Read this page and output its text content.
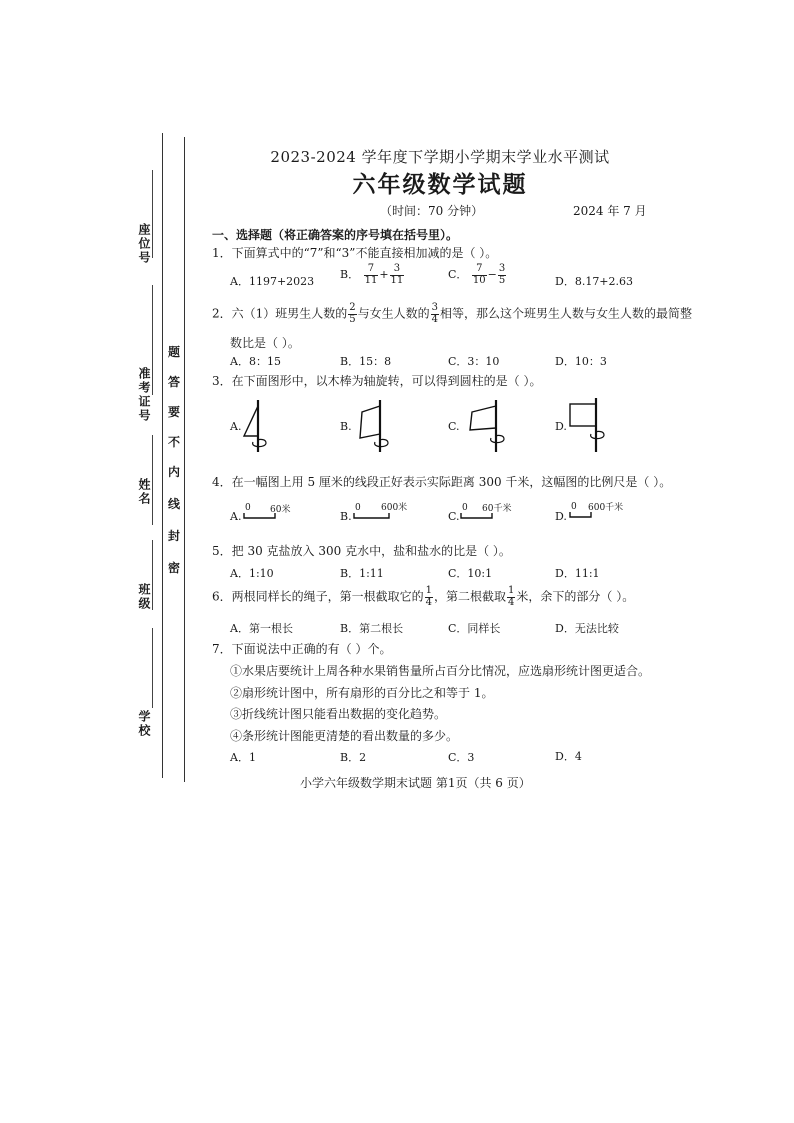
座位号
准考证号
姓名
班级
学校
题
答
要
不
内
线
封
密
2023-2024 学年度下学期小学期末学业水平测试
六年级数学试题
（时间：70 分钟）	2024 年 7 月
一、选择题（将正确答案的序号填在括号里）。
1．下面算式中的“7”和“3”不能直接相加减的是（ ）。
A．1197+2023
B． $\frac{7}{11} + \frac{3}{11}$	C． $\frac{7}{10} - \frac{3}{5}$	D．8.17+2.63
2．六（1）班男生人数的 $\frac{2}{5}$ 与女生人数的 $\frac{3}{4}$ 相等，那么这个班男生人数与女生人数的最简整
数比是（ ）。
A．8：15	B．15：8	C．3：10	D．10：3
3．在下面图形中，以木棒为轴旋转，可以得到圆柱的是（ ）。
A.	B.	C.	D.
4．在一幅图上用 5 厘米的线段正好表示实际距离 300 千米，这幅图的比例尺是（ ）。
A.
0 60米	B.
0 600米
C.
0 60千米
D.
0 600千米
5．把 30 克盐放入 300 克水中，盐和盐水的比是（ ）。
A．1:10	B．1:11	C．10:1	D．11:1
6．两根同样长的绳子，第一根截取它的 $\frac{1}{4}$ ，第二根截取 $\frac{1}{4}$ 米，余下的部分（ ）。
A．第一根长	B．第二根长	C．同样长	D．无法比较
7．下面说法中正确的有（ ）个。
①水果店要统计上周各种水果销售量所占百分比情况，应选扇形统计图更适合。
②扇形统计图中，所有扇形的百分比之和等于 1。
③折线统计图只能看出数据的变化趋势。
④条形统计图能更清楚的看出数量的多少。
A．1	B．2	C．3	D．4
小学六年级数学期末试题 第1页（共 6 页）
